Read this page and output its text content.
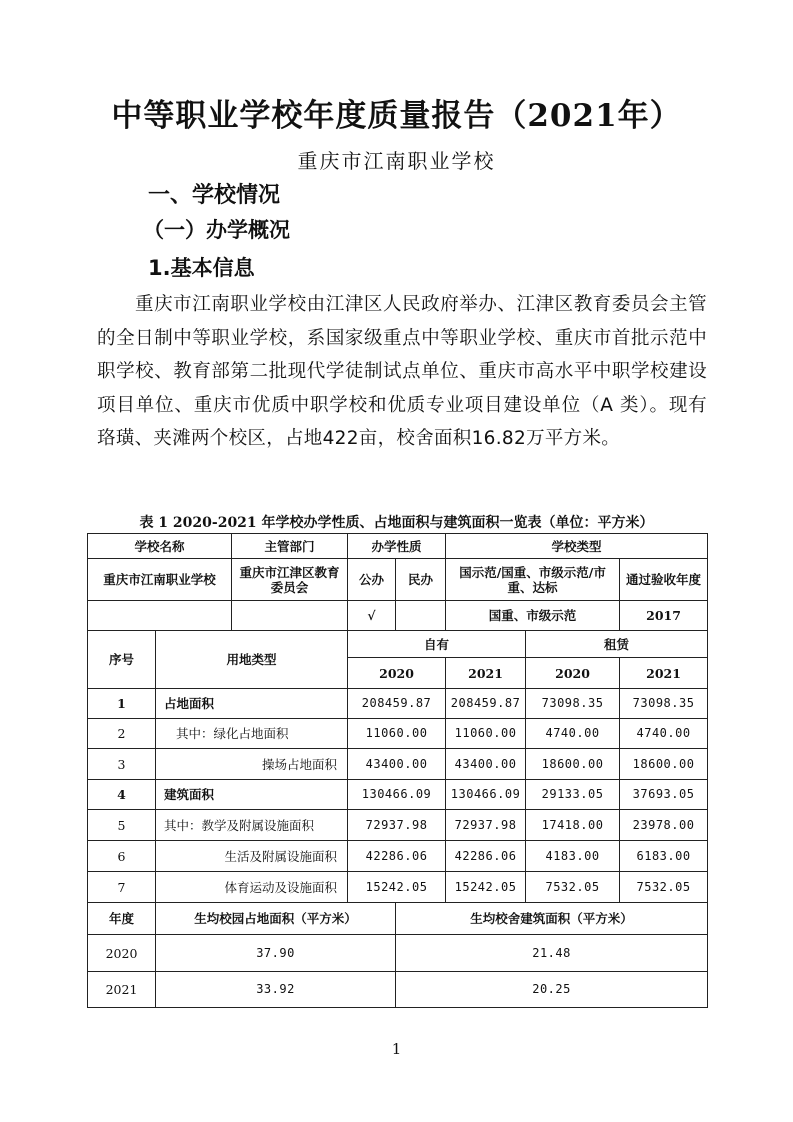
中等职业学校年度质量报告（2021年）
重庆市江南职业学校
一、学校情况
（一）办学概况
1.基本信息
重庆市江南职业学校由江津区人民政府举办、江津区教育委员会主管的全日制中等职业学校，系国家级重点中等职业学校、重庆市首批示范中职学校、教育部第二批现代学徒制试点单位、重庆市高水平中职学校建设项目单位、重庆市优质中职学校和优质专业项目建设单位（A 类）。现有珞璜、夹滩两个校区，占地422亩，校舍面积16.82万平方米。
表 1 2020-2021 年学校办学性质、占地面积与建筑面积一览表（单位：平方米）
学校名称		主管部门	办学性质		学校类型		
重庆市江南职业学校		重庆市江津区教育委员会	公办	民办	国示范/国重、市级示范/市重、达标		通过验收年度

			√		国重、市级示范		2017
序号	用地类型		自有			租赁	
			2020		2021	2020	2021
1	占地面积		208459.87		208459.87	73098.35	73098.35
2	其中：绿化占地面积		11060.00		11060.00	4740.00	4740.00
3	操场占地面积		43400.00		43400.00	18600.00	18600.00
4	建筑面积		130466.09		130466.09	29133.05	37693.05
5	其中：教学及附属设施面积		72937.98		72937.98	17418.00	23978.00
6	生活及附属设施面积		42286.06		42286.06	4183.00	6183.00
7	体育运动及设施面积		15242.05		15242.05	7532.05	7532.05
年度	生均校园占地面积（平方米）			生均校舍建筑面积（平方米）			
2020	37.90			21.48			
2021	33.92			20.25			
1
